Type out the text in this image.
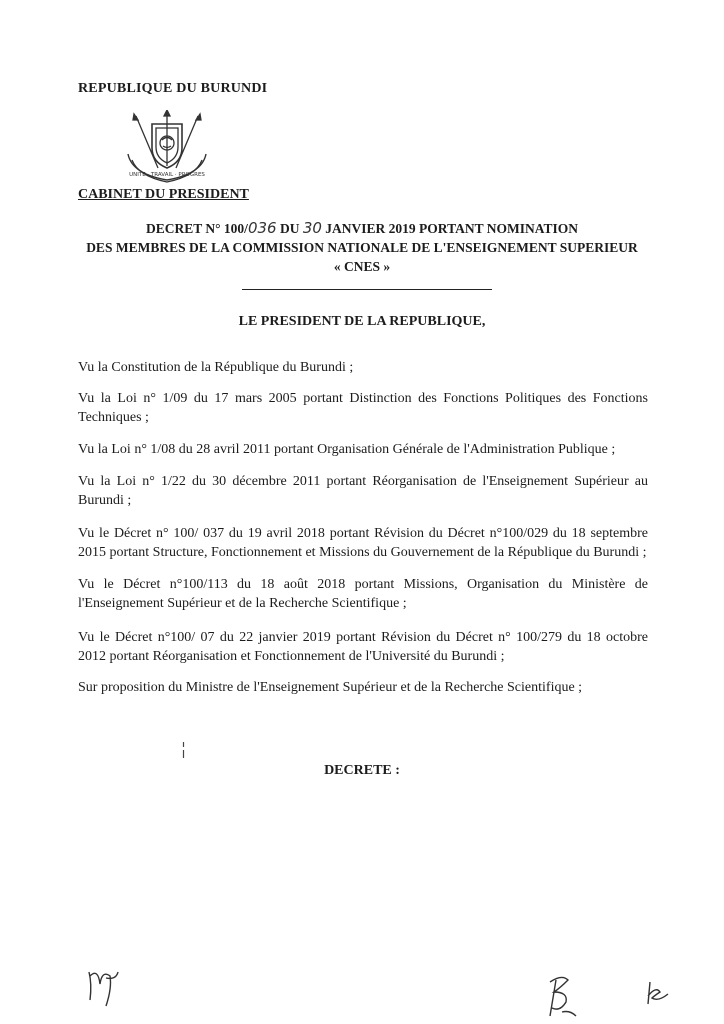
REPUBLIQUE DU BURUNDI
UNITE · TRAVAIL · PROGRES
CABINET DU PRESIDENT
DECRET N° 100/036 DU 30 JANVIER 2019 PORTANT NOMINATION
DES MEMBRES DE LA COMMISSION NATIONALE DE L'ENSEIGNEMENT SUPERIEUR
« CNES »
LE PRESIDENT DE LA REPUBLIQUE,

Vu la Constitution de la République du Burundi ;

Vu la Loi n° 1/09 du 17 mars 2005 portant Distinction des Fonctions Politiques des Fonctions Techniques ;

Vu la Loi n° 1/08 du 28 avril 2011 portant Organisation Générale de l'Administration Publique ;

Vu la Loi n° 1/22 du 30 décembre 2011 portant Réorganisation de l'Enseignement Supérieur au Burundi ;

Vu le Décret n° 100/ 037 du 19 avril 2018 portant Révision du Décret n°100/029 du 18 septembre 2015 portant Structure, Fonctionnement et Missions du Gouvernement de la République du Burundi ;

Vu le Décret n°100/113 du 18 août 2018 portant Missions, Organisation du Ministère de l'Enseignement Supérieur et de la Recherche Scientifique ;

Vu le Décret n°100/ 07 du 22 janvier 2019 portant Révision du Décret n° 100/279 du 18 octobre 2012 portant Réorganisation et Fonctionnement de l'Université du Burundi ;

Sur proposition du Ministre de l'Enseignement Supérieur et de la Recherche Scientifique ;

DECRETE :
